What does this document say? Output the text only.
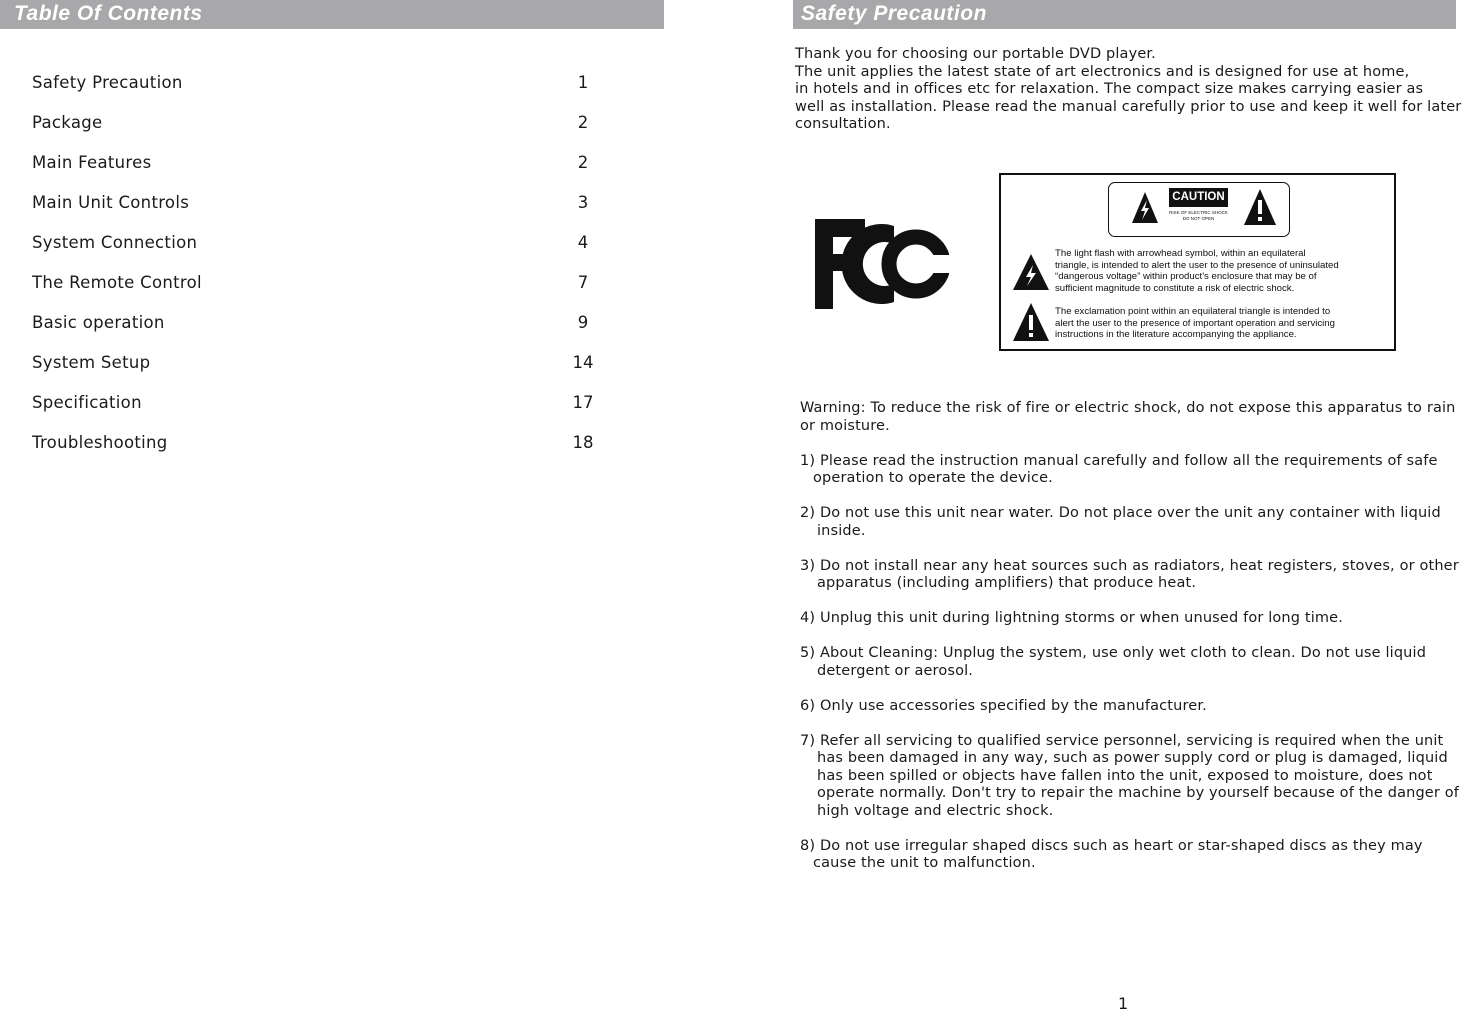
Table Of Contents
Safety Precaution	1
Package	2
Main Features	2
Main Unit Controls	3
System Connection	4
The Remote Control	7
Basic operation	9
System Setup	14
Specification	17
Troubleshooting	18
Safety Precaution
Thank you for choosing our portable DVD player.
The unit applies the latest state of art electronics and is designed for use at home,
in hotels and in offices etc for relaxation. The compact size makes carrying easier as
well as installation. Please read the manual carefully prior to use and keep it well for later
consultation.
CAUTION
RISK OF ELECTRIC SHOCK
DO NOT OPEN
The light flash with arrowhead symbol, within an equilateral
triangle, is intended to alert the user to the presence of uninsulated
“dangerous voltage” within product's enclosure that may be of
sufficient magnitude to constitute a risk of electric shock.
The exclamation point within an equilateral triangle is intended to
alert the user to the presence of important operation and servicing
instructions in the literature accompanying the appliance.
Warning: To reduce the risk of fire or electric shock, do not expose this apparatus to rain
or moisture.
1) Please read the instruction manual carefully and follow all the requirements of safe
operation to operate the device.
2) Do not use this unit near water. Do not place over the unit any container with liquid
inside.
3) Do not install near any heat sources such as radiators, heat registers, stoves, or other
apparatus (including amplifiers) that produce heat.
4) Unplug this unit during lightning storms or when unused for long time.
5) About Cleaning: Unplug the system, use only wet cloth to clean. Do not use liquid
detergent or aerosol.
6) Only use accessories specified by the manufacturer.
7) Refer all servicing to qualified service personnel, servicing is required when the unit
has been damaged in any way, such as power supply cord or plug is damaged, liquid
has been spilled or objects have fallen into the unit, exposed to moisture, does not
operate normally. Don't try to repair the machine by yourself because of the danger of
high voltage and electric shock.
8) Do not use irregular shaped discs such as heart or star-shaped discs as they may
cause the unit to malfunction.
1
